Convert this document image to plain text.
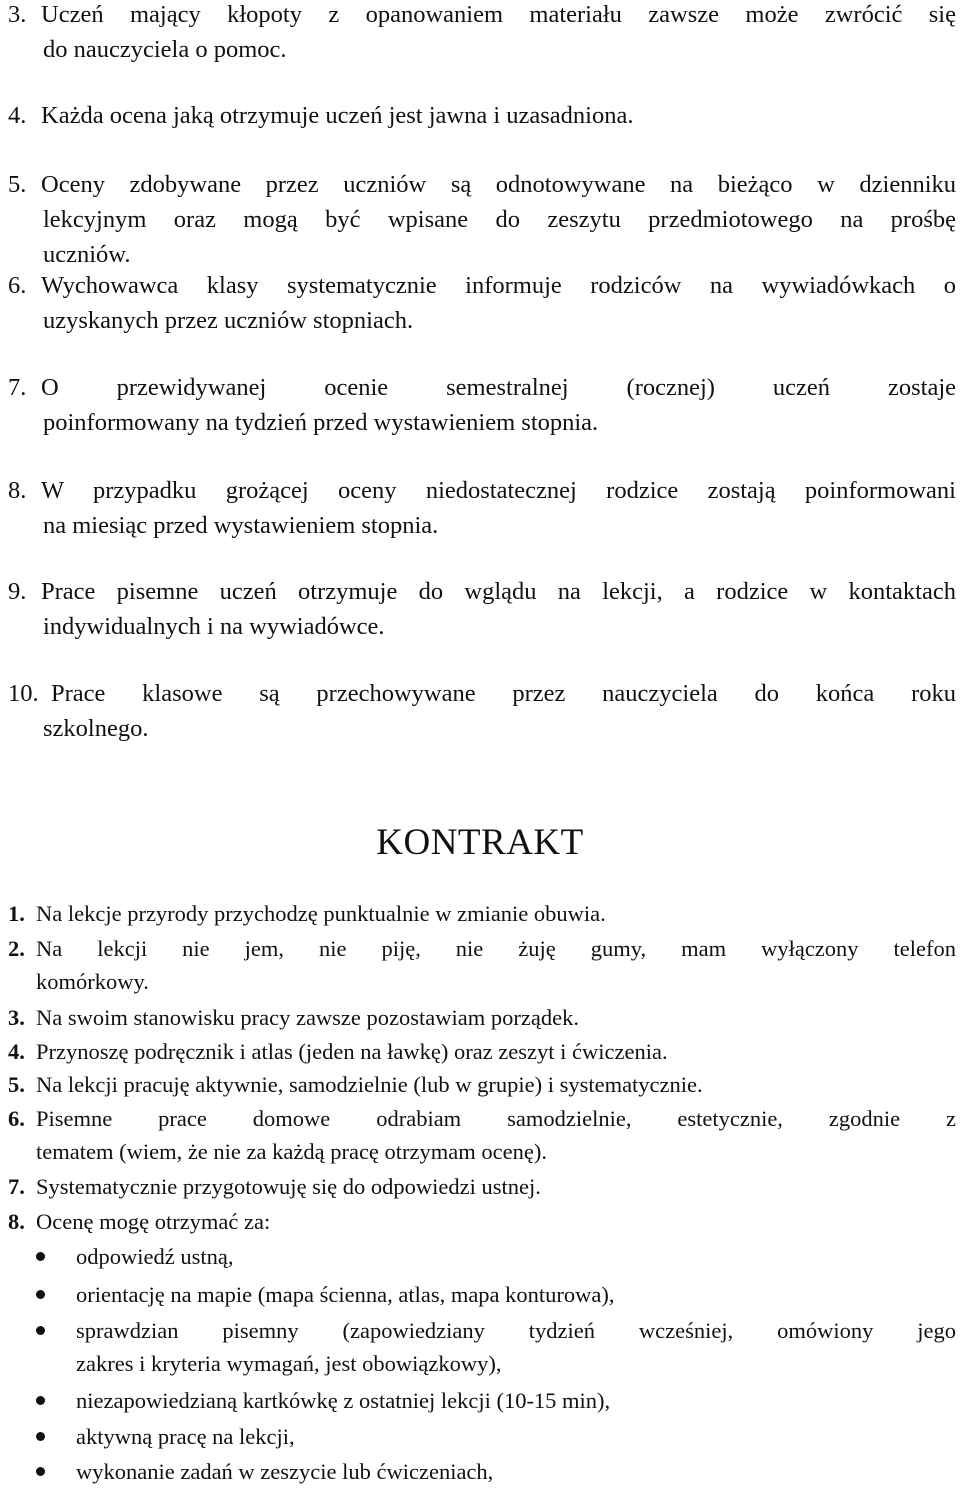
3. Uczeń mający kłopoty z opanowaniem materiału zawsze może zwrócić się
do nauczyciela o pomoc.
4. Każda ocena jaką otrzymuje uczeń jest jawna i uzasadniona.
5. Oceny zdobywane przez uczniów są odnotowywane na bieżąco w dzienniku
lekcyjnym oraz mogą być wpisane do zeszytu przedmiotowego na prośbę
uczniów.
6. Wychowawca klasy systematycznie informuje rodziców na wywiadówkach o
uzyskanych przez uczniów stopniach.
7. O przewidywanej ocenie semestralnej (rocznej) uczeń zostaje
poinformowany na tydzień przed wystawieniem stopnia.
8. W przypadku grożącej oceny niedostatecznej rodzice zostają poinformowani
na miesiąc przed wystawieniem stopnia.
9. Prace pisemne uczeń otrzymuje do wglądu na lekcji, a rodzice w kontaktach
indywidualnych i na wywiadówce.
10. Prace klasowe są przechowywane przez nauczyciela do końca roku
szkolnego.
KONTRAKT
1. Na lekcje przyrody przychodzę punktualnie w zmianie obuwia.
2. Na lekcji nie jem, nie piję, nie żuję gumy, mam wyłączony telefon
komórkowy.
3. Na swoim stanowisku pracy zawsze pozostawiam porządek.
4. Przynoszę podręcznik i atlas (jeden na ławkę) oraz zeszyt i ćwiczenia.
5. Na lekcji pracuję aktywnie, samodzielnie (lub w grupie) i systematycznie.
6. Pisemne prace domowe odrabiam samodzielnie, estetycznie, zgodnie z
tematem (wiem, że nie za każdą pracę otrzymam ocenę).
7. Systematycznie przygotowuję się do odpowiedzi ustnej.
8. Ocenę mogę otrzymać za:
odpowiedź ustną,
orientację na mapie (mapa ścienna, atlas, mapa konturowa),
sprawdzian pisemny (zapowiedziany tydzień wcześniej, omówiony jego
zakres i kryteria wymagań, jest obowiązkowy),
niezapowiedzianą kartkówkę z ostatniej lekcji (10-15 min),
aktywną pracę na lekcji,
wykonanie zadań w zeszycie lub ćwiczeniach,
